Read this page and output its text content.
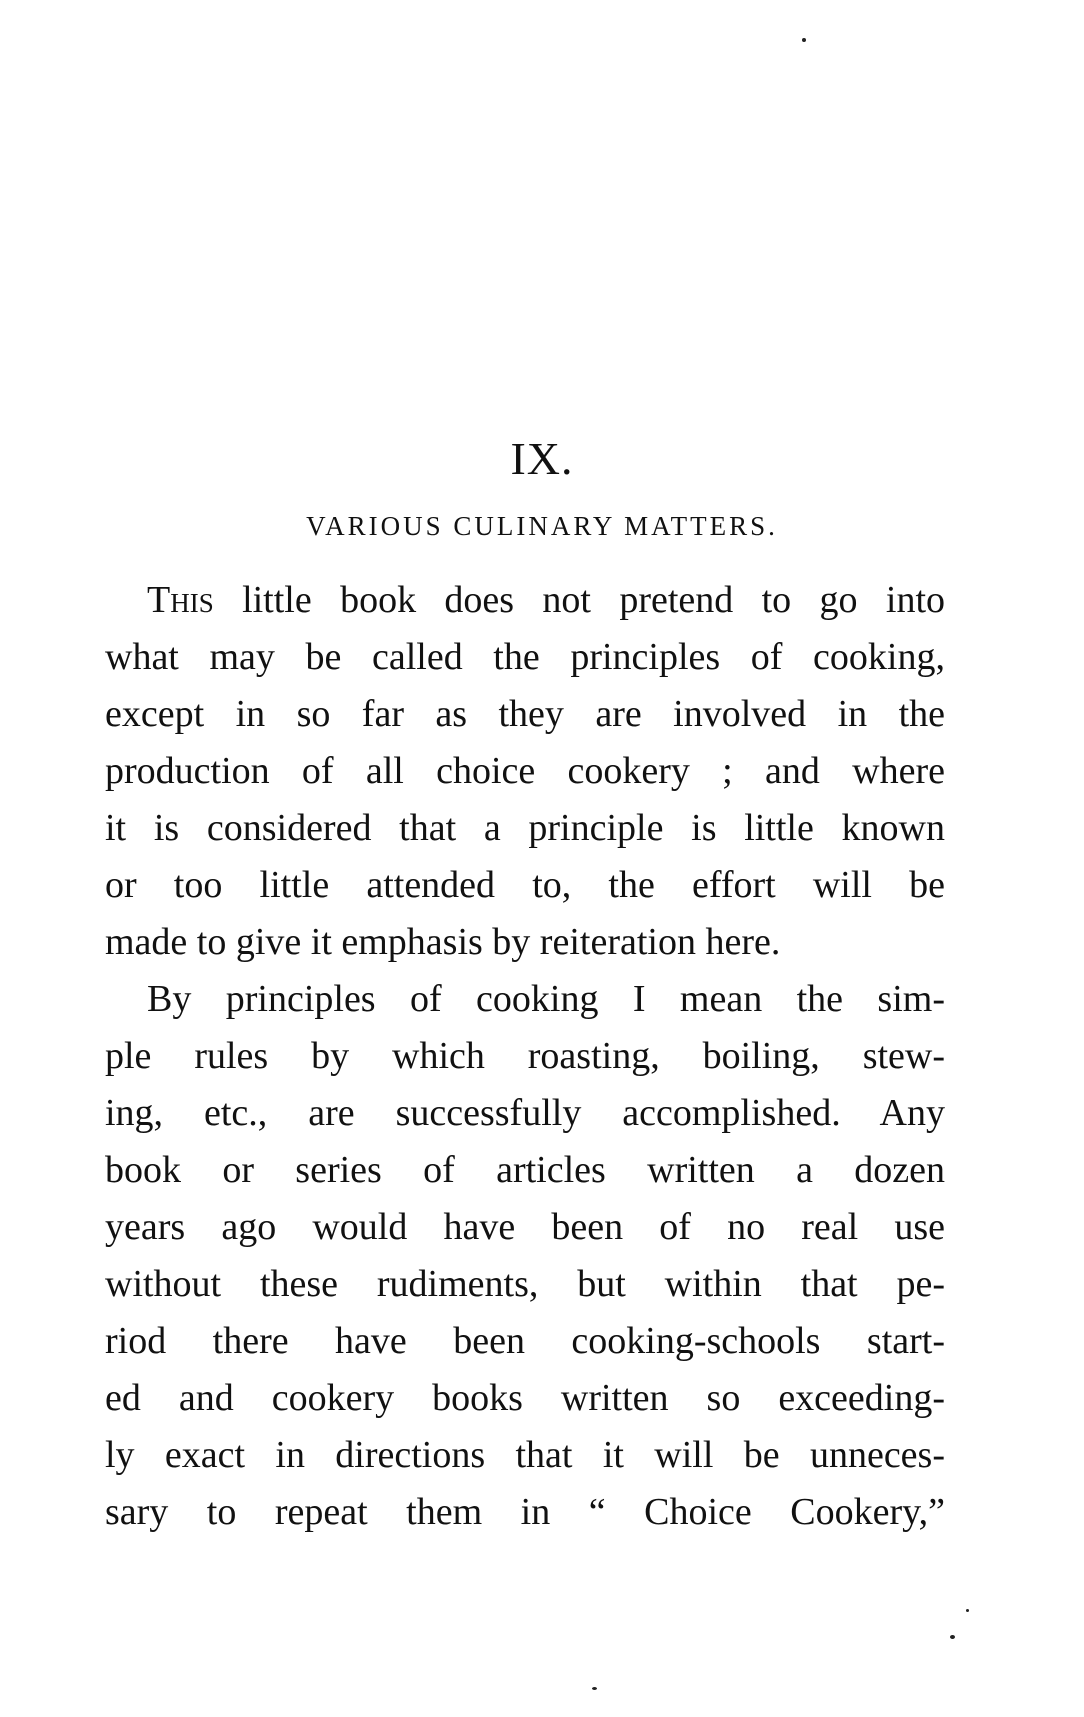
IX.
VARIOUS CULINARY MATTERS.
This little book does not pretend to go into
what may be called the principles of cooking,
except in so far as they are involved in the
production of all choice cookery ; and where
it is considered that a principle is little known
or too little attended to, the effort will be
made to give it emphasis by reiteration here.
By principles of cooking I mean the sim-
ple rules by which roasting, boiling, stew-
ing, etc., are successfully accomplished. Any
book or series of articles written a dozen
years ago would have been of no real use
without these rudiments, but within that pe-
riod there have been cooking-schools start-
ed and cookery books written so exceeding-
ly exact in directions that it will be unneces-
sary to repeat them in “ Choice Cookery,”
